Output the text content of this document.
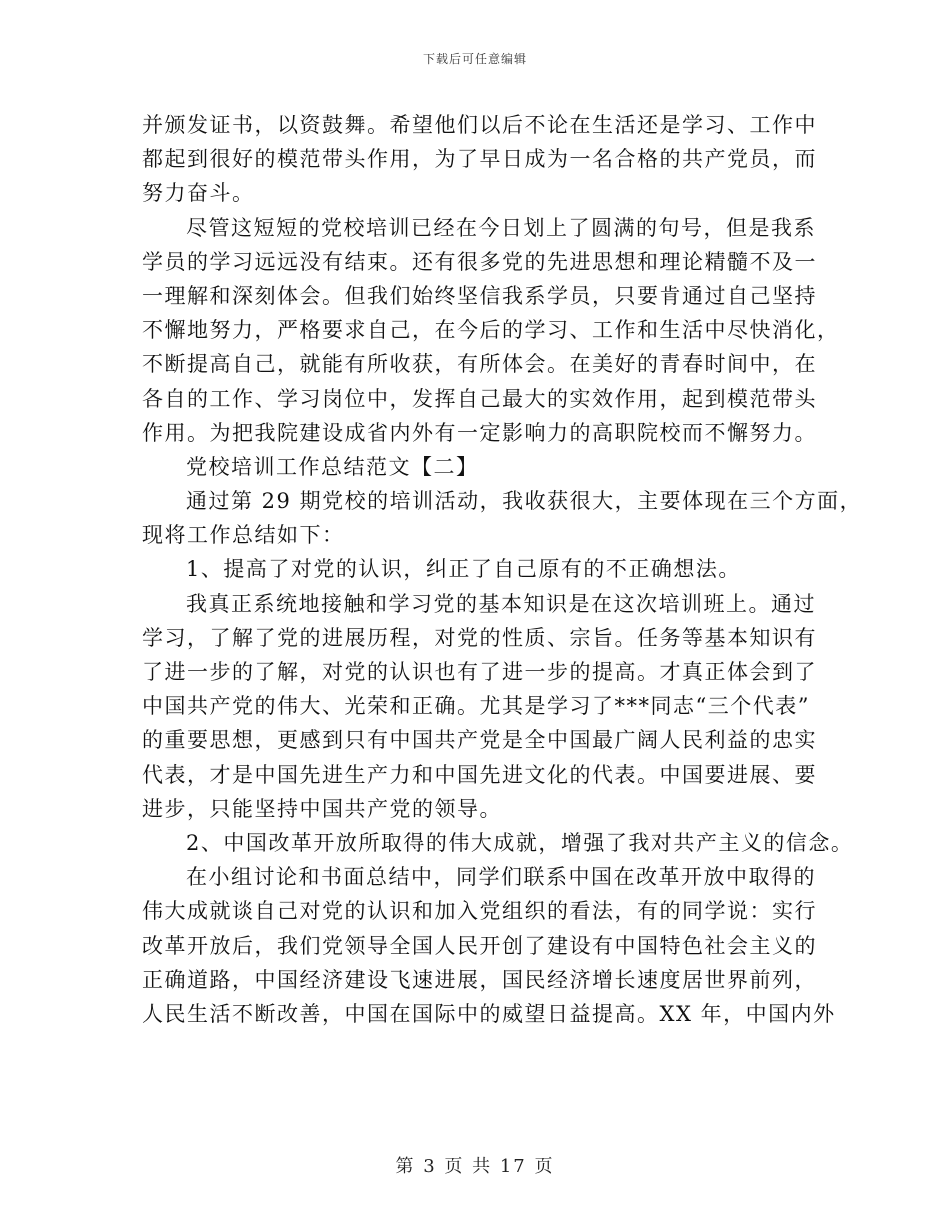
下载后可任意编辑
并颁发证书，以资鼓舞。希望他们以后不论在生活还是学习、工作中
都起到很好的模范带头作用，为了早日成为一名合格的共产党员，而
努力奋斗。
尽管这短短的党校培训已经在今日划上了圆满的句号，但是我系
学员的学习远远没有结束。还有很多党的先进思想和理论精髓不及一
一理解和深刻体会。但我们始终坚信我系学员，只要肯通过自己坚持
不懈地努力，严格要求自己，在今后的学习、工作和生活中尽快消化，
不断提高自己，就能有所收获，有所体会。在美好的青春时间中，在
各自的工作、学习岗位中，发挥自己最大的实效作用，起到模范带头
作用。为把我院建设成省内外有一定影响力的高职院校而不懈努力。
党校培训工作总结范文【二】
通过第 29 期党校的培训活动，我收获很大，主要体现在三个方面，
现将工作总结如下：
1、提高了对党的认识，纠正了自己原有的不正确想法。
我真正系统地接触和学习党的基本知识是在这次培训班上。通过
学习，了解了党的进展历程，对党的性质、宗旨。任务等基本知识有
了进一步的了解，对党的认识也有了进一步的提高。才真正体会到了
中国共产党的伟大、光荣和正确。尤其是学习了***同志“三个代表”
的重要思想，更感到只有中国共产党是全中国最广阔人民利益的忠实
代表，才是中国先进生产力和中国先进文化的代表。中国要进展、要
进步，只能坚持中国共产党的领导。
2、中国改革开放所取得的伟大成就，增强了我对共产主义的信念。
在小组讨论和书面总结中，同学们联系中国在改革开放中取得的
伟大成就谈自己对党的认识和加入党组织的看法，有的同学说：实行
改革开放后，我们党领导全国人民开创了建设有中国特色社会主义的
正确道路，中国经济建设飞速进展，国民经济增长速度居世界前列，
人民生活不断改善，中国在国际中的威望日益提高。XX 年，中国内外
第 3 页 共 17 页
